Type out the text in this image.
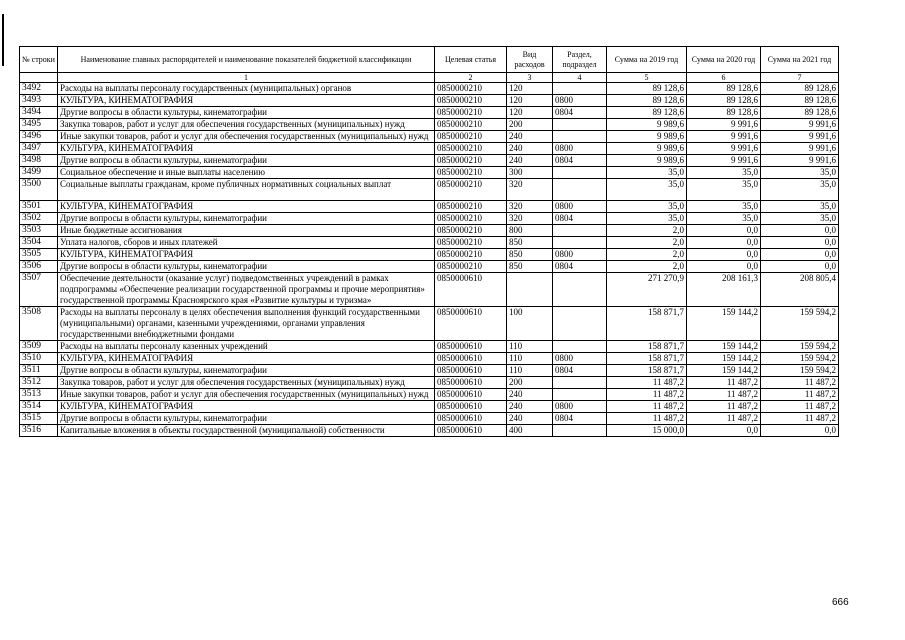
№ строки	Наименование главных распорядителей и наименование показателей бюджетной классификации	Целевая статья	Вид расходов	Раздел, подраздел	Сумма на 2019 год	Сумма на 2020 год	Сумма на 2021 год
	1	2	3	4	5	6	7
3492	Расходы на выплаты персоналу государственных (муниципальных) органов	0850000210	120		89 128,6	89 128,6	89 128,6
3493	КУЛЬТУРА, КИНЕМАТОГРАФИЯ	0850000210	120	0800	89 128,6	89 128,6	89 128,6
3494	Другие вопросы в области культуры, кинематографии	0850000210	120	0804	89 128,6	89 128,6	89 128,6
3495	Закупка товаров, работ и услуг для обеспечения государственных (муниципальных) нужд	0850000210	200		9 989,6	9 991,6	9 991,6
3496	Иные закупки товаров, работ и услуг для обеспечения государственных (муниципальных) нужд	0850000210	240		9 989,6	9 991,6	9 991,6
3497	КУЛЬТУРА, КИНЕМАТОГРАФИЯ	0850000210	240	0800	9 989,6	9 991,6	9 991,6
3498	Другие вопросы в области культуры, кинематографии	0850000210	240	0804	9 989,6	9 991,6	9 991,6
3499	Социальное обеспечение и иные выплаты населению	0850000210	300		35,0	35,0	35,0
3500	Социальные выплаты гражданам, кроме публичных нормативных социальных выплат	0850000210	320		35,0	35,0	35,0
3501	КУЛЬТУРА, КИНЕМАТОГРАФИЯ	0850000210	320	0800	35,0	35,0	35,0
3502	Другие вопросы в области культуры, кинематографии	0850000210	320	0804	35,0	35,0	35,0
3503	Иные бюджетные ассигнования	0850000210	800		2,0	0,0	0,0
3504	Уплата налогов, сборов и иных платежей	0850000210	850		2,0	0,0	0,0
3505	КУЛЬТУРА, КИНЕМАТОГРАФИЯ	0850000210	850	0800	2,0	0,0	0,0
3506	Другие вопросы в области культуры, кинематографии	0850000210	850	0804	2,0	0,0	0,0
3507	Обеспечение деятельности (оказание услуг) подведомственных учреждений в рамках подпрограммы «Обеспечение реализации государственной программы и прочие мероприятия» государственной программы Красноярского края «Развитие культуры и туризма»	0850000610			271 270,9	208 161,3	208 805,4
3508	Расходы на выплаты персоналу в целях обеспечения выполнения функций государственными (муниципальными) органами, казенными учреждениями, органами управления государственными внебюджетными фондами	0850000610	100		158 871,7	159 144,2	159 594,2
3509	Расходы на выплаты персоналу казенных учреждений	0850000610	110		158 871,7	159 144,2	159 594,2
3510	КУЛЬТУРА, КИНЕМАТОГРАФИЯ	0850000610	110	0800	158 871,7	159 144,2	159 594,2
3511	Другие вопросы в области культуры, кинематографии	0850000610	110	0804	158 871,7	159 144,2	159 594,2
3512	Закупка товаров, работ и услуг для обеспечения государственных (муниципальных) нужд	0850000610	200		11 487,2	11 487,2	11 487,2
3513	Иные закупки товаров, работ и услуг для обеспечения государственных (муниципальных) нужд	0850000610	240		11 487,2	11 487,2	11 487,2
3514	КУЛЬТУРА, КИНЕМАТОГРАФИЯ	0850000610	240	0800	11 487,2	11 487,2	11 487,2
3515	Другие вопросы в области культуры, кинематографии	0850000610	240	0804	11 487,2	11 487,2	11 487,2
3516	Капитальные вложения в объекты государственной (муниципальной) собственности	0850000610	400		15 000,0	0,0	0,0
666
